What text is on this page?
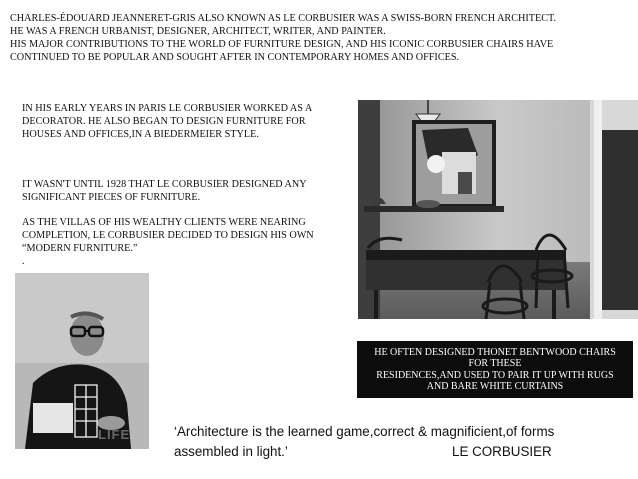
CHARLES-ÉDOUARD JEANNERET-GRIS ALSO KNOWN AS LE CORBUSIER WAS A SWISS-BORN FRENCH ARCHITECT.

HE WAS A FRENCH URBANIST, DESIGNER, ARCHITECT, WRITER, AND PAINTER.

HIS MAJOR CONTRIBUTIONS TO THE WORLD OF FURNITURE DESIGN, AND HIS ICONIC CORBUSIER CHAIRS HAVE

CONTINUED TO BE POPULAR AND SOUGHT AFTER IN CONTEMPORARY HOMES AND OFFICES.

IN HIS EARLY YEARS IN PARIS LE CORBUSIER WORKED AS A

DECORATOR. HE ALSO BEGAN TO DESIGN FURNITURE FOR

HOUSES AND OFFICES,IN A BIEDERMEIER STYLE.

IT WASN'T UNTIL 1928 THAT LE CORBUSIER DESIGNED ANY

SIGNIFICANT PIECES OF FURNITURE.

AS THE VILLAS OF HIS WEALTHY CLIENTS WERE NEARING

COMPLETION, LE CORBUSIER DECIDED TO DESIGN HIS OWN

“MODERN FURNITURE.”

.

LIFE
HE OFTEN DESIGNED THONET BENTWOOD CHAIRS
FOR THESE
RESIDENCES,AND USED TO PAIR IT UP WITH RUGS
AND BARE WHITE CURTAINS
‘Architecture is the learned game,correct & magnificient,of forms
assembled in light.’	LE CORBUSIER
